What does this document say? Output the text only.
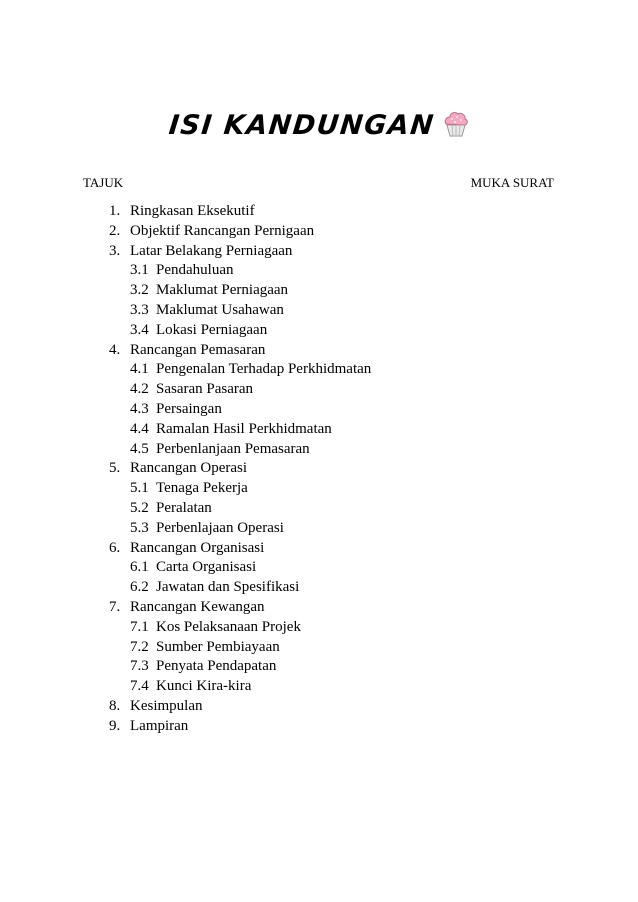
ISI KANDUNGAN
TAJUK	MUKA SURAT
1. Ringkasan Eksekutif
2. Objektif Rancangan Pernigaan
3. Latar Belakang Perniagaan
3.1 Pendahuluan
3.2 Maklumat Perniagaan
3.3 Maklumat Usahawan
3.4 Lokasi Perniagaan
4. Rancangan Pemasaran
4.1 Pengenalan Terhadap Perkhidmatan
4.2 Sasaran Pasaran
4.3 Persaingan
4.4 Ramalan Hasil Perkhidmatan
4.5 Perbenlanjaan Pemasaran
5. Rancangan Operasi
5.1 Tenaga Pekerja
5.2 Peralatan
5.3 Perbenlajaan Operasi
6. Rancangan Organisasi
6.1 Carta Organisasi
6.2 Jawatan dan Spesifikasi
7. Rancangan Kewangan
7.1 Kos Pelaksanaan Projek
7.2 Sumber Pembiayaan
7.3 Penyata Pendapatan
7.4 Kunci Kira-kira
8. Kesimpulan
9. Lampiran
